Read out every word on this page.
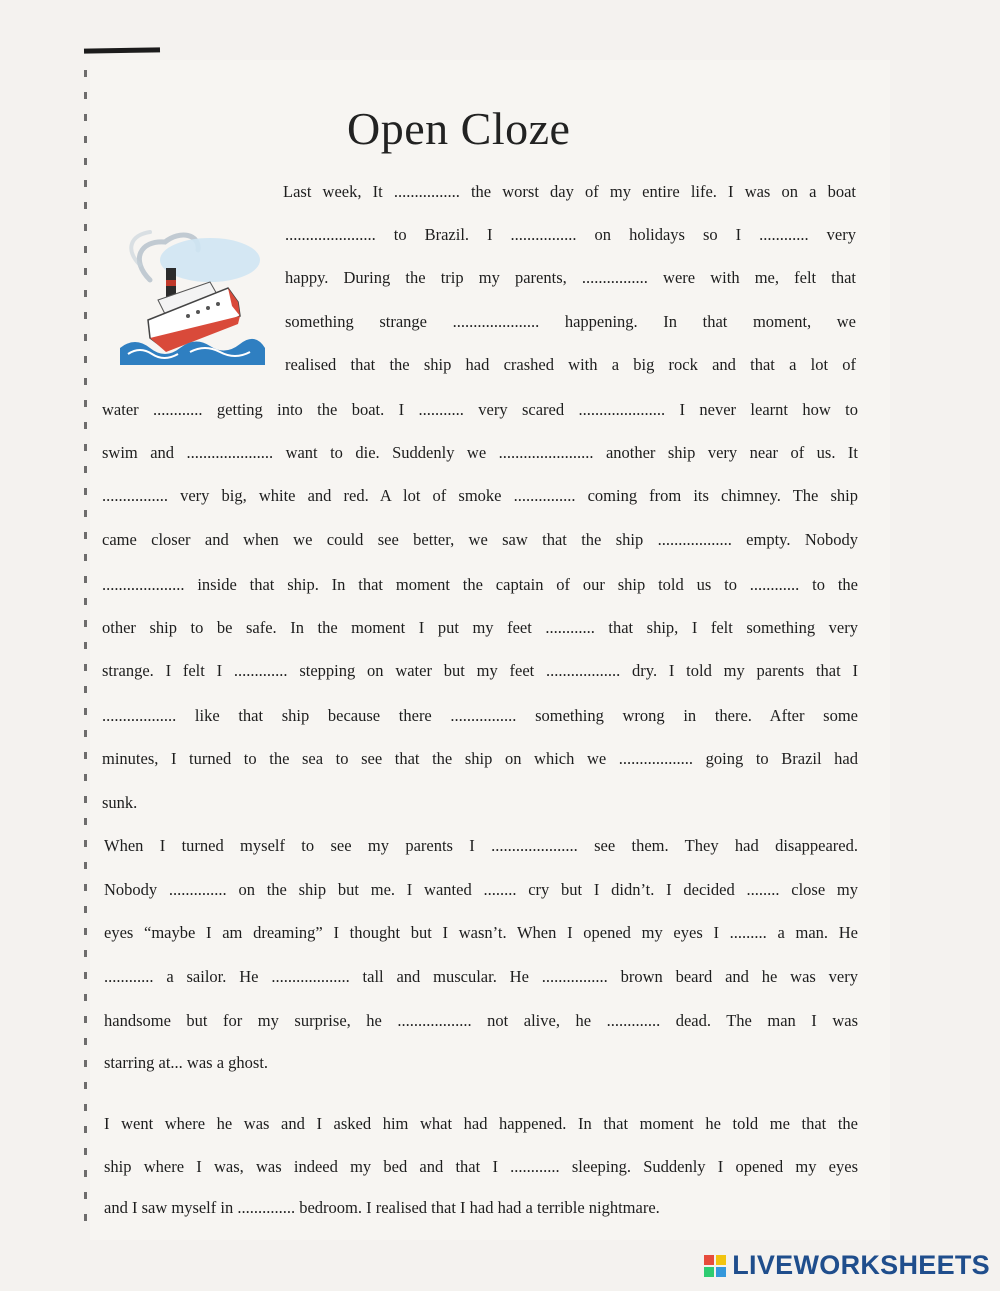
Open Cloze
Last week, It ................ the worst day of my entire life. I was on a boat
...................... to Brazil. I ................ on holidays so I ............ very
happy. During the trip my parents, ................ were with me, felt that
something strange ..................... happening. In that moment, we
realised that the ship had crashed with a big rock and that a lot of
water ............ getting into the boat. I ........... very scared ..................... I never learnt how to
swim and ..................... want to die. Suddenly we ....................... another ship very near of us. It
................ very big, white and red. A lot of smoke ............... coming from its chimney. The ship
came closer and when we could see better, we saw that the ship .................. empty. Nobody
.................... inside that ship. In that moment the captain of our ship told us to ............ to the
other ship to be safe. In the moment I put my feet ............ that ship, I felt something very
strange. I felt I ............. stepping on water but my feet .................. dry. I told my parents that I
.................. like that ship because there ................ something wrong in there. After some
minutes, I turned to the sea to see that the ship on which we .................. going to Brazil had
sunk.
When I turned myself to see my parents I ..................... see them. They had disappeared.
Nobody .............. on the ship but me. I wanted ........ cry but I didn’t. I decided ........ close my
eyes “maybe I am dreaming” I thought but I wasn’t. When I opened my eyes I ......... a man. He
............ a sailor. He ................... tall and muscular. He ................ brown beard and he was very
handsome but for my surprise, he .................. not alive, he ............. dead. The man I was
starring at... was a ghost.
I went where he was and I asked him what had happened. In that moment he told me that the
ship where I was, was indeed my bed and that I ............ sleeping. Suddenly I opened my eyes
and I saw myself in .............. bedroom. I realised that I had had a terrible nightmare.
LIVEWORKSHEETS
